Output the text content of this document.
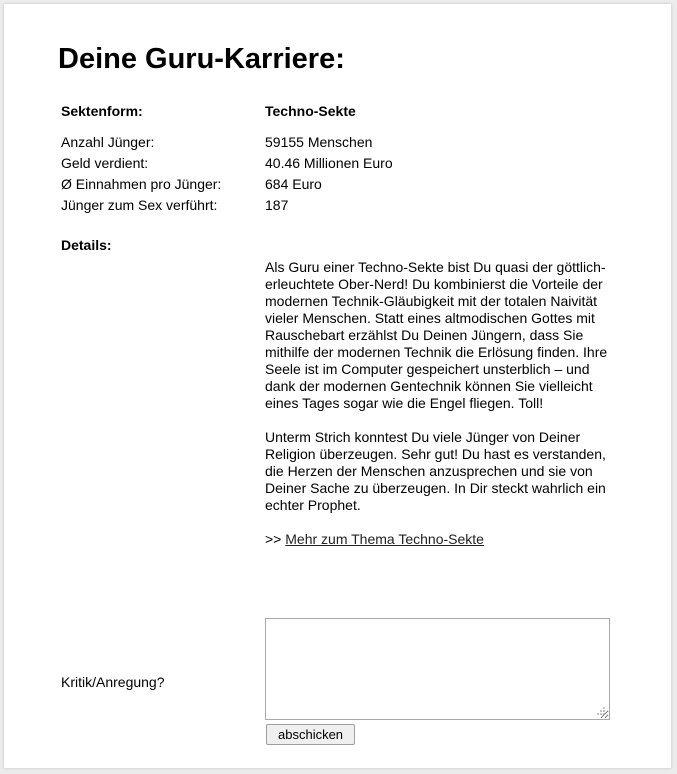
Deine Guru-Karriere:
Sektenform:	Techno-Sekte
Anzahl Jünger:	59155 Menschen
Geld verdient:	40.46 Millionen Euro
Ø Einnahmen pro Jünger:	684 Euro
Jünger zum Sex verführt:	187
Details:

Als Guru einer Techno-Sekte bist Du quasi der göttlich-erleuchtete Ober-Nerd! Du kombinierst die Vorteile der modernen Technik-Gläubigkeit mit der totalen Naivität vieler Menschen. Statt eines altmodischen Gottes mit Rauschebart erzählst Du Deinen Jüngern, dass Sie mithilfe der modernen Technik die Erlösung finden. Ihre Seele ist im Computer gespeichert unsterblich – und dank der modernen Gentechnik können Sie vielleicht eines Tages sogar wie die Engel fliegen. Toll!

Unterm Strich konntest Du viele Jünger von Deiner Religion überzeugen. Sehr gut! Du hast es verstanden, die Herzen der Menschen anzusprechen und sie von Deiner Sache zu überzeugen. In Dir steckt wahrlich ein echter Prophet.

>> Mehr zum Thema Techno-Sekte

Kritik/Anregung?
abschicken
